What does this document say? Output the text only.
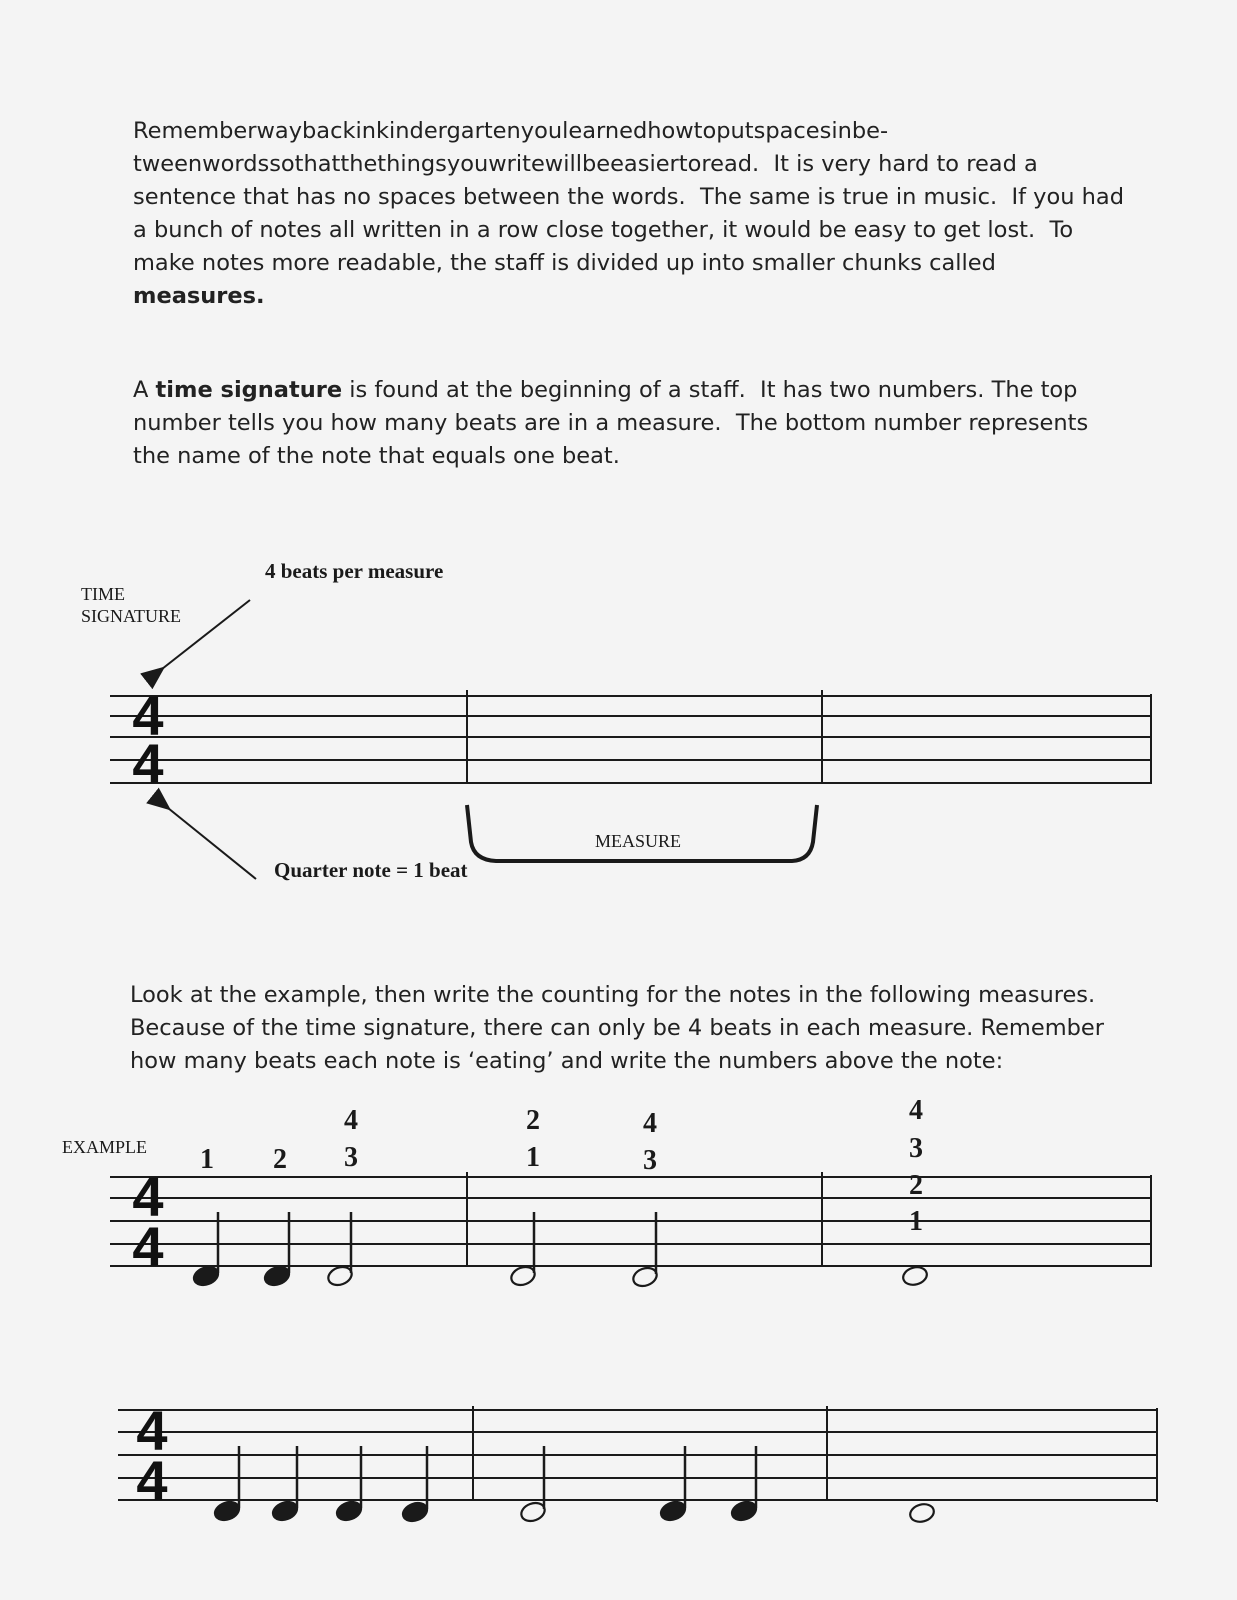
Rememberwaybackinkindergartenyoulearnedhowtoputspacesinbe-
tweenwordssothatthethingsyouwritewillbeeasiertoread.  It is very hard to read a sentence that has no spaces between the words.  The same is true in music.  If you had a bunch of notes all written in a row close together, it would be easy to get lost.  To make notes more readable, the staff is divided up into smaller chunks called measures.

A time signature is found at the beginning of a staff.  It has two numbers. The top number tells you how many beats are in a measure.  The bottom number represents the name of the note that equals one beat.

TIME
SIGNATURE
4 beats per measure
Quarter note = 1 beat
MEASURE

Look at the example, then write the counting for the notes in the following measures. Because of the time signature, there can only be 4 beats in each measure. Remember how many beats each note is ‘eating’ and write the numbers above the note:

EXAMPLE
4
4
4
4
1 2
4
3
2
1
4
3
4
3
2
1
4
4
